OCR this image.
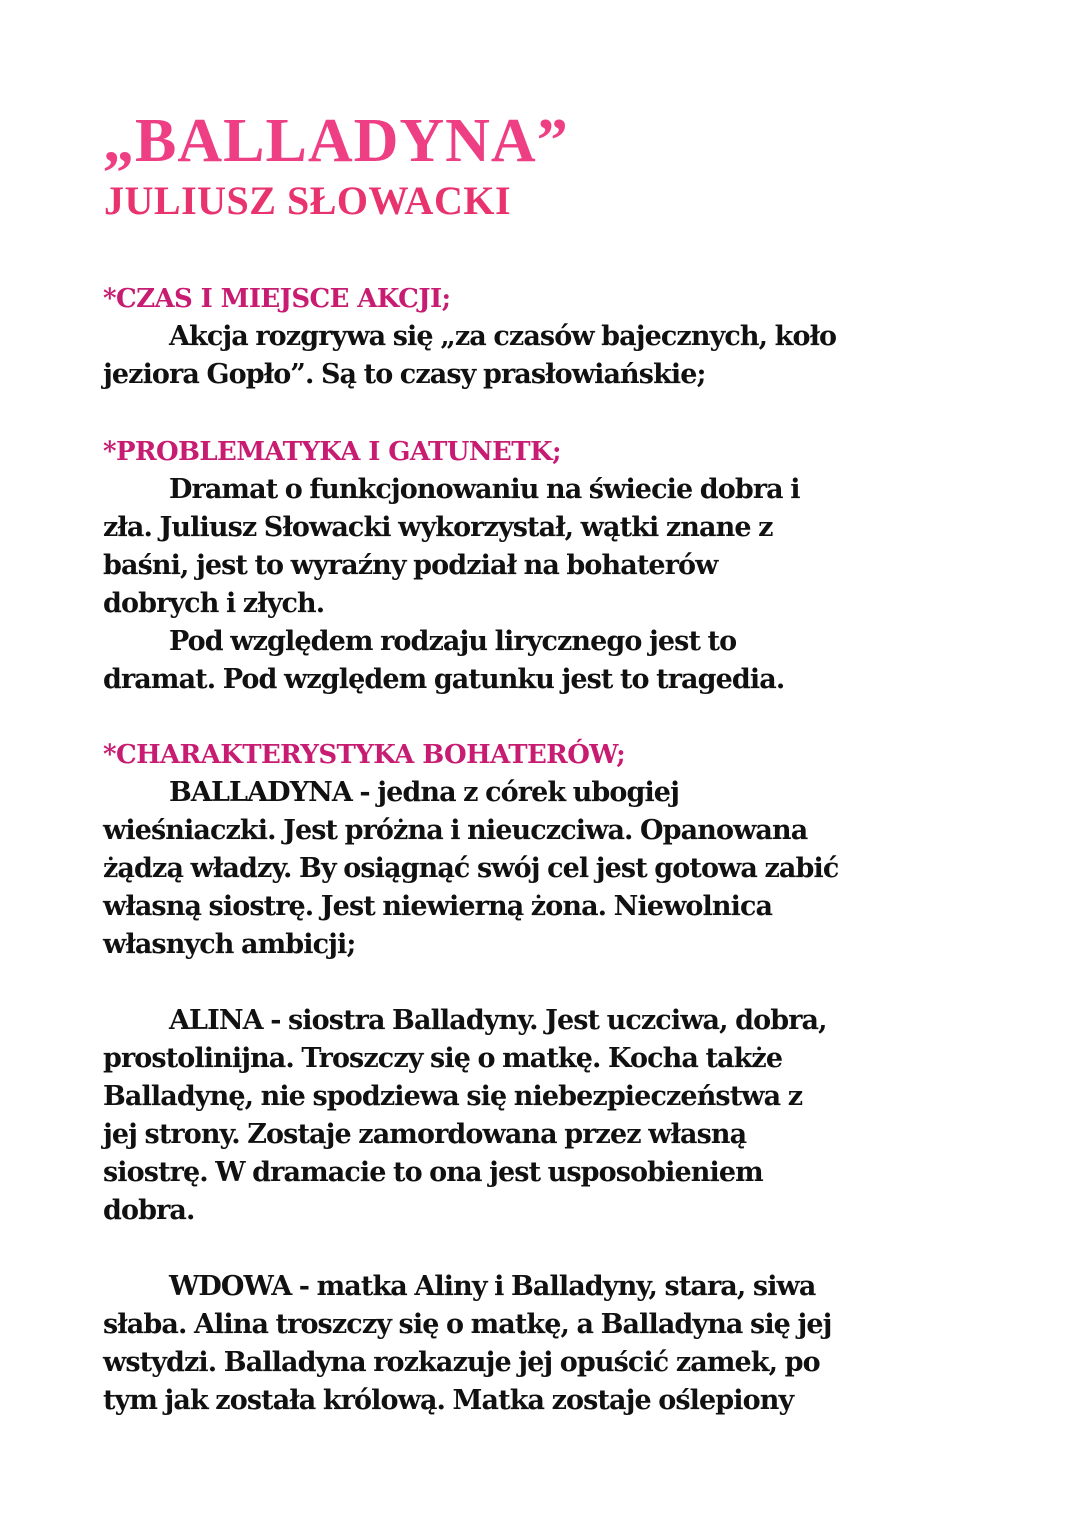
„BALLADYNA”
JULIUSZ SŁOWACKI
*CZAS I MIEJSCE AKCJI;

Akcja rozgrywa się „za czasów bajecznych, koło
jeziora Gopło”. Są to czasy prasłowiańskie;

*PROBLEMATYKA I GATUNETK;

Dramat o funkcjonowaniu na świecie dobra i
zła. Juliusz Słowacki wykorzystał, wątki znane z
baśni, jest to wyraźny podział na bohaterów
dobrych i złych.

Pod względem rodzaju lirycznego jest to
dramat. Pod względem gatunku jest to tragedia.

*CHARAKTERYSTYKA BOHATERÓW;

BALLADYNA - jedna z córek ubogiej
wieśniaczki. Jest próżna i nieuczciwa. Opanowana
żądzą władzy. By osiągnąć swój cel jest gotowa zabić
własną siostrę. Jest niewierną żona. Niewolnica
własnych ambicji;

ALINA - siostra Balladyny. Jest uczciwa, dobra,
prostolinijna. Troszczy się o matkę. Kocha także
Balladynę, nie spodziewa się niebezpieczeństwa z
jej strony. Zostaje zamordowana przez własną
siostrę. W dramacie to ona jest usposobieniem
dobra.

WDOWA - matka Aliny i Balladyny, stara, siwa
słaba. Alina troszczy się o matkę, a Balladyna się jej
wstydzi. Balladyna rozkazuje jej opuścić zamek, po
tym jak została królową. Matka zostaje oślepiony
